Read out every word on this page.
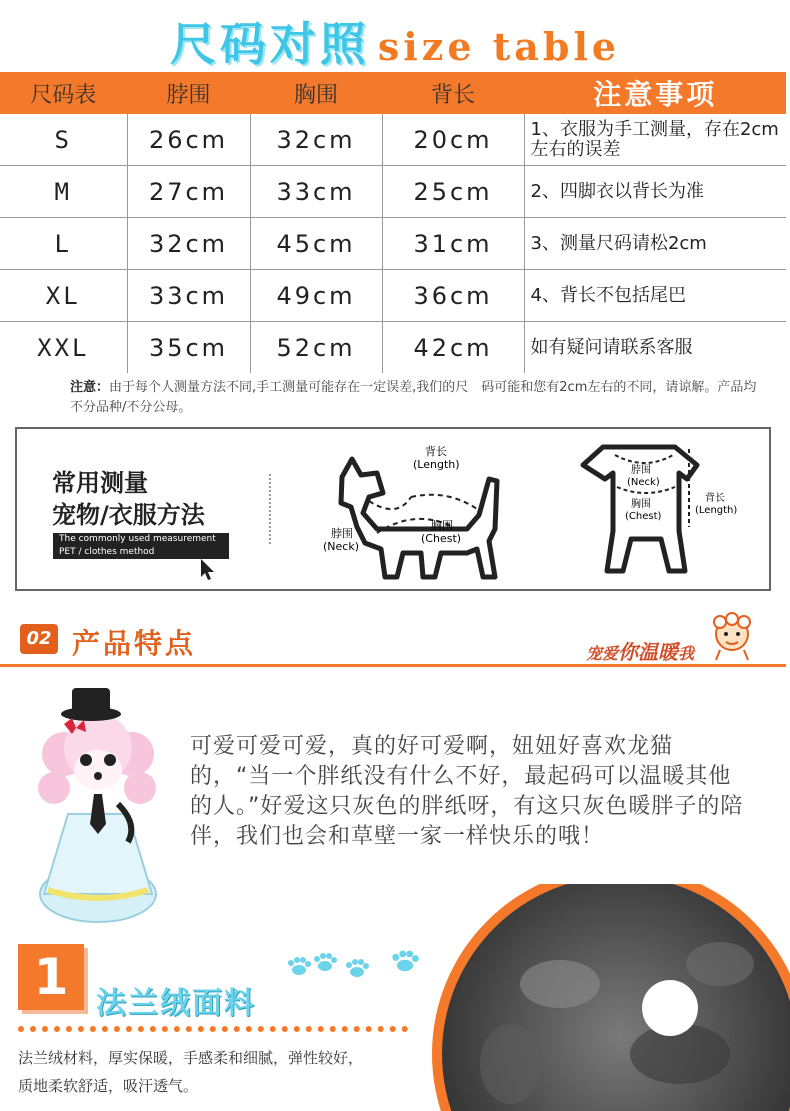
尺码对照 size table
尺码表	脖围	胸围	背长	注意事项
S	26cm	32cm	20cm	1、衣服为手工测量，存在2cm左右的误差
M	27cm	33cm	25cm	2、四脚衣以背长为准
L	32cm	45cm	31cm	3、测量尺码请松2cm
XL	33cm	49cm	36cm	4、背长不包括尾巴
XXL	35cm	52cm	42cm	如有疑问请联系客服
注意：由于每个人测量方法不同,手工测量可能存在一定误差,我们的尺　码可能和您有2cm左右的不同，请谅解。产品均不分品种/不分公母。
常用测量
宠物/衣服方法
The commonly used measurement
PET / clothes method
背长
(Length)
脖围
(Neck)
胸围
(Chest)
脖围
(Neck)
胸围
(Chest)
背长
(Length)
02 产品特点	宠爱你温暖我
可爱可爱可爱，真的好可爱啊，妞妞好喜欢龙猫的，“当一个胖纸没有什么不好，最起码可以温暖其他的人。”好爱这只灰色的胖纸呀，有这只灰色暖胖子的陪伴，我们也会和草壁一家一样快乐的哦！
1 法兰绒面料
法兰绒材料，厚实保暖，手感柔和细腻，弹性较好，
质地柔软舒适，吸汗透气。
